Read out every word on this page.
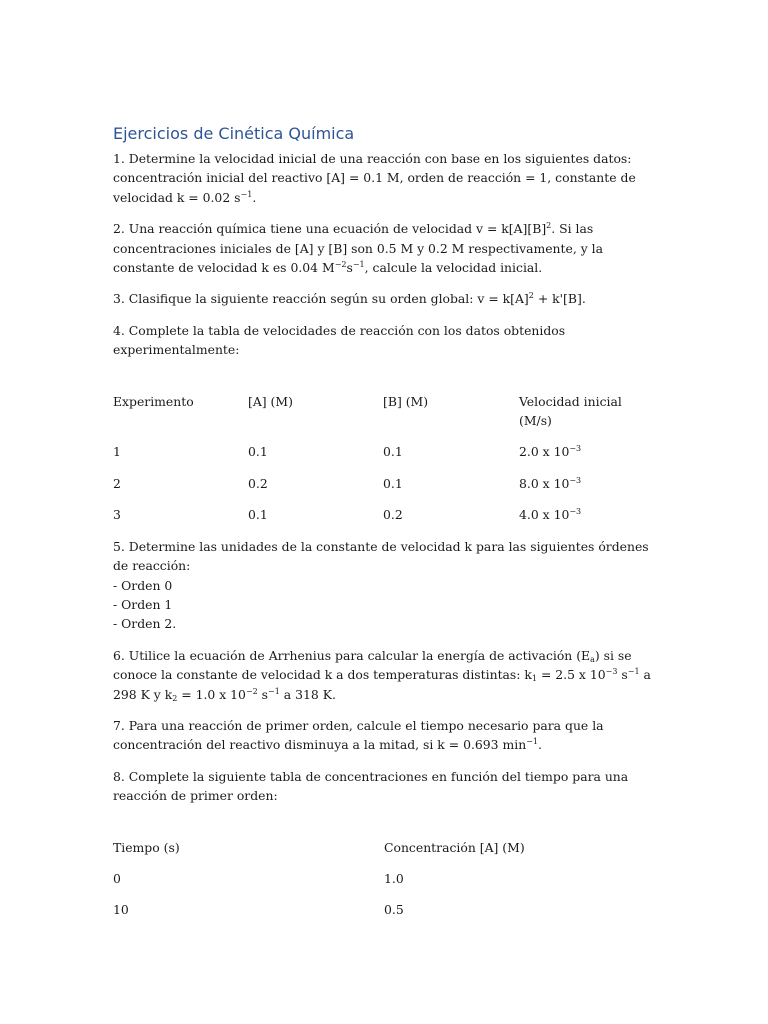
Ejercicios de Cinética Química

1. Determine la velocidad inicial de una reacción con base en los siguientes datos: concentración inicial del reactivo [A] = 0.1 M, orden de reacción = 1, constante de velocidad k = 0.02 $s^{-1}$.

2. Una reacción química tiene una ecuación de velocidad $v = k[A][B]^2$. Si las concentraciones iniciales de [A] y [B] son 0.5 M y 0.2 M respectivamente, y la constante de velocidad k es 0.04 $M^{-2}s^{-1}$, calcule la velocidad inicial.

3. Clasifique la siguiente reacción según su orden global: $v = k[A]^2 + k'[B]$.

4. Complete la tabla de velocidades de reacción con los datos obtenidos experimentalmente:

Experimento	[A] (M)	[B] (M)	Velocidad inicial (M/s)
1	0.1	0.1	2.0 x $10^{-3}$
2	0.2	0.1	8.0 x $10^{-3}$
3	0.1	0.2	4.0 x $10^{-3}$

5. Determine las unidades de la constante de velocidad k para las siguientes órdenes de reacción:

- Orden 0

- Orden 1

- Orden 2.

6. Utilice la ecuación de Arrhenius para calcular la energía de activación $(E_a)$ si se conoce la constante de velocidad k a dos temperaturas distintas: $k_1 = 2.5$ x $10^{-3}$ $s^{-1}$ a 298 K y $k_2 = 1.0$ x $10^{-2}$ $s^{-1}$ a 318 K.

7. Para una reacción de primer orden, calcule el tiempo necesario para que la concentración del reactivo disminuya a la mitad, si k = 0.693 $\min^{-1}$.

8. Complete la siguiente tabla de concentraciones en función del tiempo para una reacción de primer orden:

Tiempo (s)	Concentración [A] (M)
0	1.0
10	0.5
